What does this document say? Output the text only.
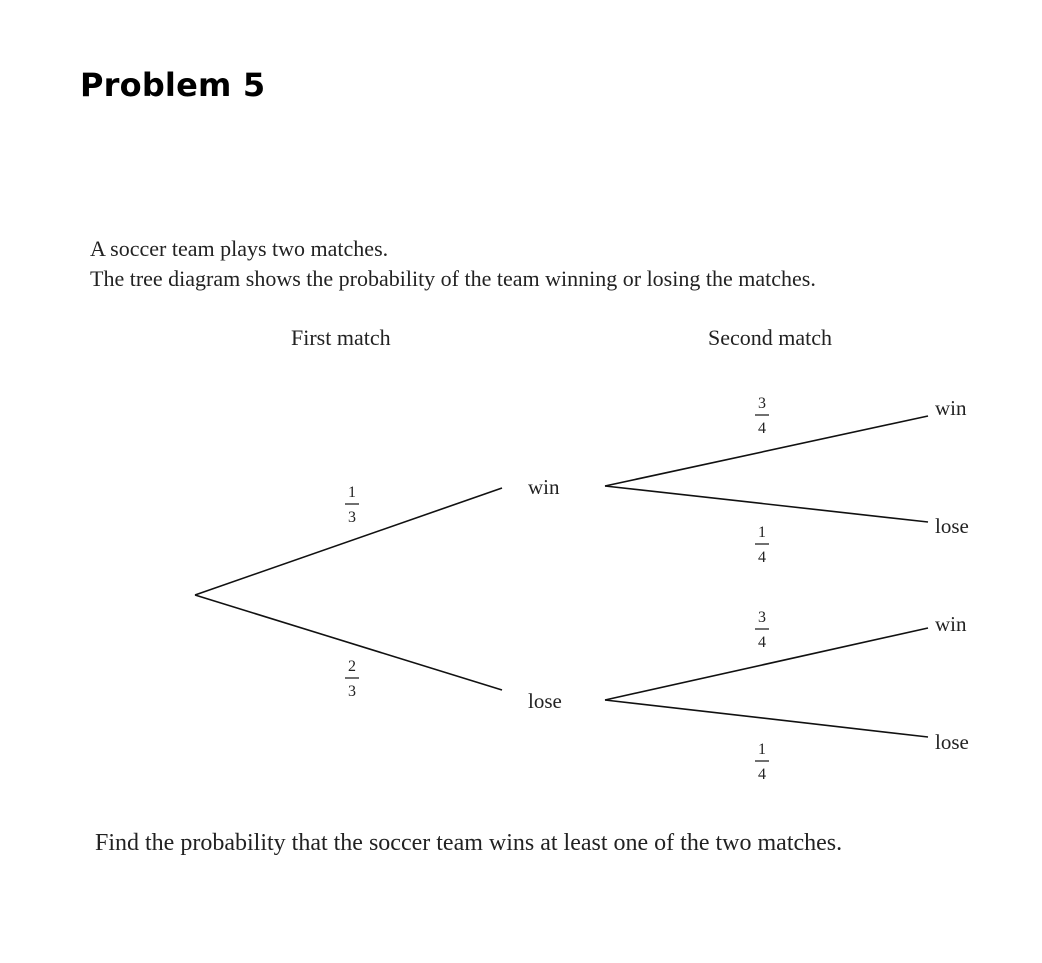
Problem 5
A soccer team plays two matches.
The tree diagram shows the probability of the team winning or losing the matches.
First match	Second match
win
lose
win
lose
win
lose
1
3
2
3
3
4
1
4
3
4
1
4
Find the probability that the soccer team wins at least one of the two matches.
